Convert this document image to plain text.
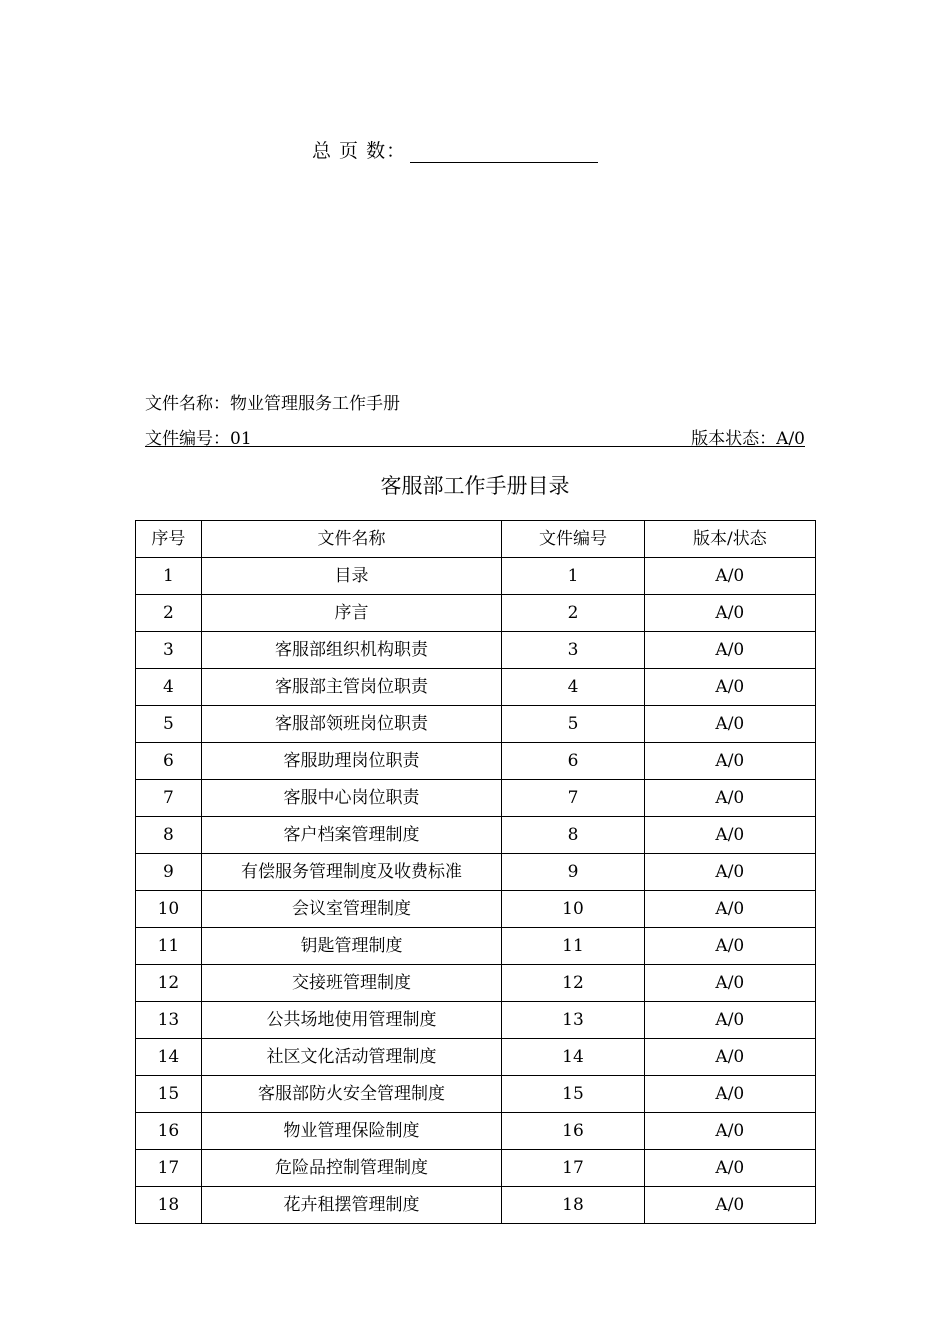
总 页 数：
文件名称：物业管理服务工作手册
文件编号：01	版本状态：A/0
客服部工作手册目录
序号	文件名称	文件编号	版本/状态
1	目录	1	A/0
2	序言	2	A/0
3	客服部组织机构职责	3	A/0
4	客服部主管岗位职责	4	A/0
5	客服部领班岗位职责	5	A/0
6	客服助理岗位职责	6	A/0
7	客服中心岗位职责	7	A/0
8	客户档案管理制度	8	A/0
9	有偿服务管理制度及收费标准	9	A/0
10	会议室管理制度	10	A/0
11	钥匙管理制度	11	A/0
12	交接班管理制度	12	A/0
13	公共场地使用管理制度	13	A/0
14	社区文化活动管理制度	14	A/0
15	客服部防火安全管理制度	15	A/0
16	物业管理保险制度	16	A/0
17	危险品控制管理制度	17	A/0
18	花卉租摆管理制度	18	A/0
